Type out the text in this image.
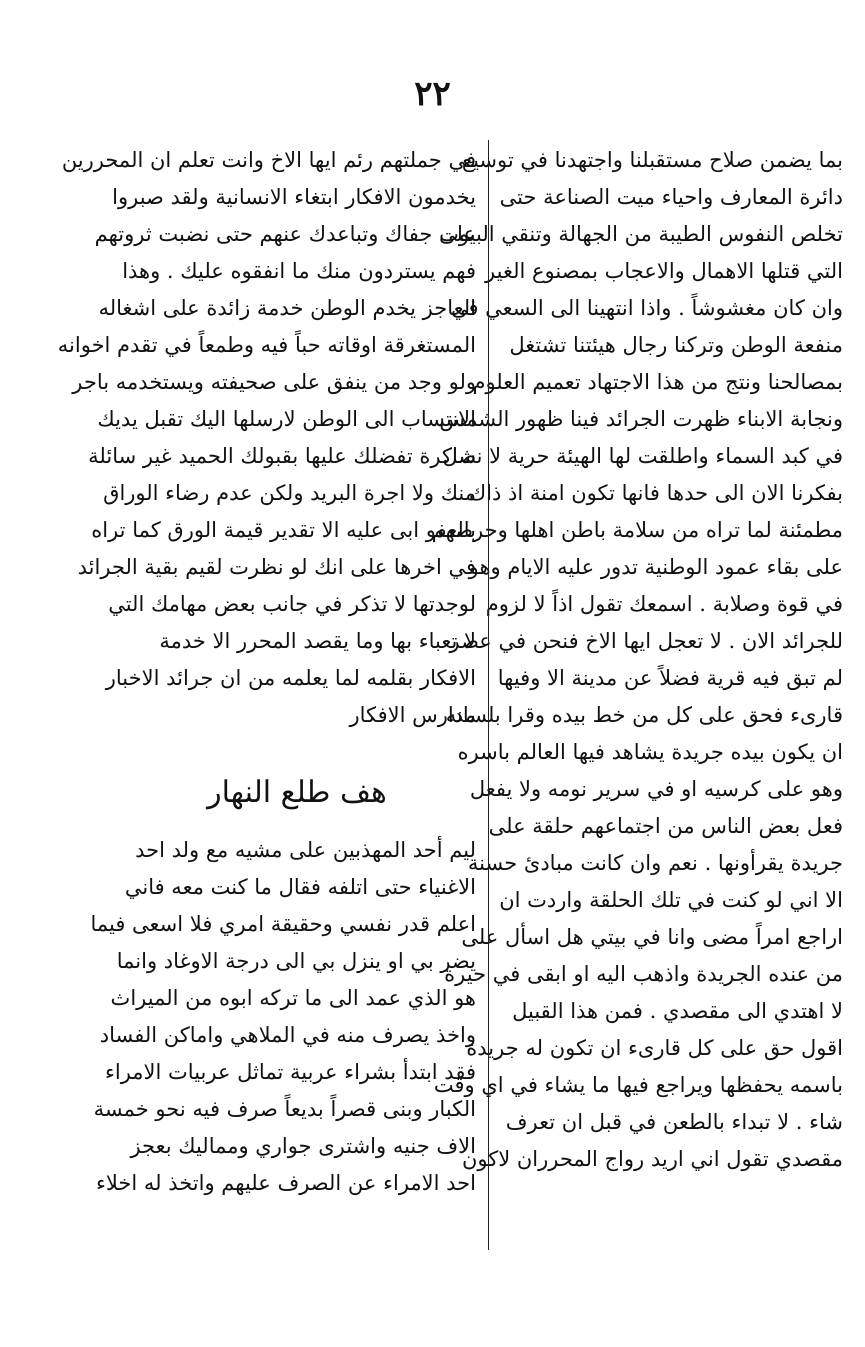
٢٢
بما يضمن صلاح مستقبلنا واجتهدنا في توسيع
دائرة المعارف واحياء ميت الصناعة حتى
تخلص النفوس الطيبة من الجهالة وتنقي البيوت
التي قتلها الاهمال والاعجاب بمصنوع الغير
وان كان مغشوشاً . واذا انتهينا الى السعي في
منفعة الوطن وتركنا رجال هيئتنا تشتغل
بمصالحنا ونتج من هذا الاجتهاد تعميم العلوم
ونجابة الابناء ظهرت الجرائد فينا ظهور الشمس
في كبد السماء واطلقت لها الهيئة حرية لا نصل
بفكرنا الان الى حدها فانها تكون امنة اذ ذاك
مطمئنة لما تراه من سلامة باطن اهلها وحرصهم
على بقاء عمود الوطنية تدور عليه الايام وهو
في قوة وصلابة . اسمعك تقول اذاً لا لزوم
للجرائد الان . لا تعجل ايها الاخ فنحن في عصر
لم تبق فيه قرية فضلاً عن مدينة الا وفيها
قارىء فحق على كل من خط بيده وقرا بلسانه
ان يكون بيده جريدة يشاهد فيها العالم باسره
وهو على كرسيه او في سرير نومه ولا يفعل
فعل بعض الناس من اجتماعهم حلقة على
جريدة يقرأونها . نعم وان كانت مبادئ حسنة
الا اني لو كنت في تلك الحلقة واردت ان
اراجع امراً مضى وانا في بيتي هل اسأل على
من عنده الجريدة واذهب اليه او ابقى في حيرة
لا اهتدي الى مقصدي . فمن هذا القبيل
اقول حق على كل قارىء ان تكون له جريدة
باسمه يحفظها ويراجع فيها ما يشاء في اي وقت
شاء . لا تبداء بالطعن في قبل ان تعرف
مقصدي تقول اني اريد رواج المحرران لاكون
في جملتهم رئم ايها الاخ وانت تعلم ان المحررين
يخدمون الافكار ابتغاء الانسانية ولقد صبروا
على جفاك وتباعدك عنهم حتى نضبت ثروتهم
فهم يستردون منك ما انفقوه عليك . وهذا
العاجز يخدم الوطن خدمة زائدة على اشغاله
المستغرقة اوقاته حباً فيه وطمعاً في تقدم اخوانه
ولو وجد من ينفق على صحيفته ويستخدمه باجر
الانتساب الى الوطن لارسلها اليك تقبل يديك
شاكرة تفضلك عليها بقبولك الحميد غير سائلة
منك ولا اجرة البريد ولكن عدم رضاء الوراق
بالعفو ابى عليه الا تقدير قيمة الورق كما تراه
في اخرها على انك لو نظرت لقيم بقية الجرائد
لوجدتها لا تذكر في جانب بعض مهامك التي
لا تعباء بها وما يقصد المحرر الا خدمة
الافكار بقلمه لما يعلمه من ان جرائد الاخبار
مدارس الافكار
هف طلع النهار
ليم أحد المهذبين على مشيه مع ولد احد
الاغنياء حتى اتلفه فقال ما كنت معه فاني
اعلم قدر نفسي وحقيقة امري فلا اسعى فيما
يضر بي او ينزل بي الى درجة الاوغاد وانما
هو الذي عمد الى ما تركه ابوه من الميراث
واخذ يصرف منه في الملاهي واماكن الفساد
فقد ابتدأ بشراء عربية تماثل عربيات الامراء
الكبار وبنى قصراً بديعاً صرف فيه نحو خمسة
الاف جنيه واشترى جواري ومماليك بعجز
احد الامراء عن الصرف عليهم واتخذ له اخلاء
